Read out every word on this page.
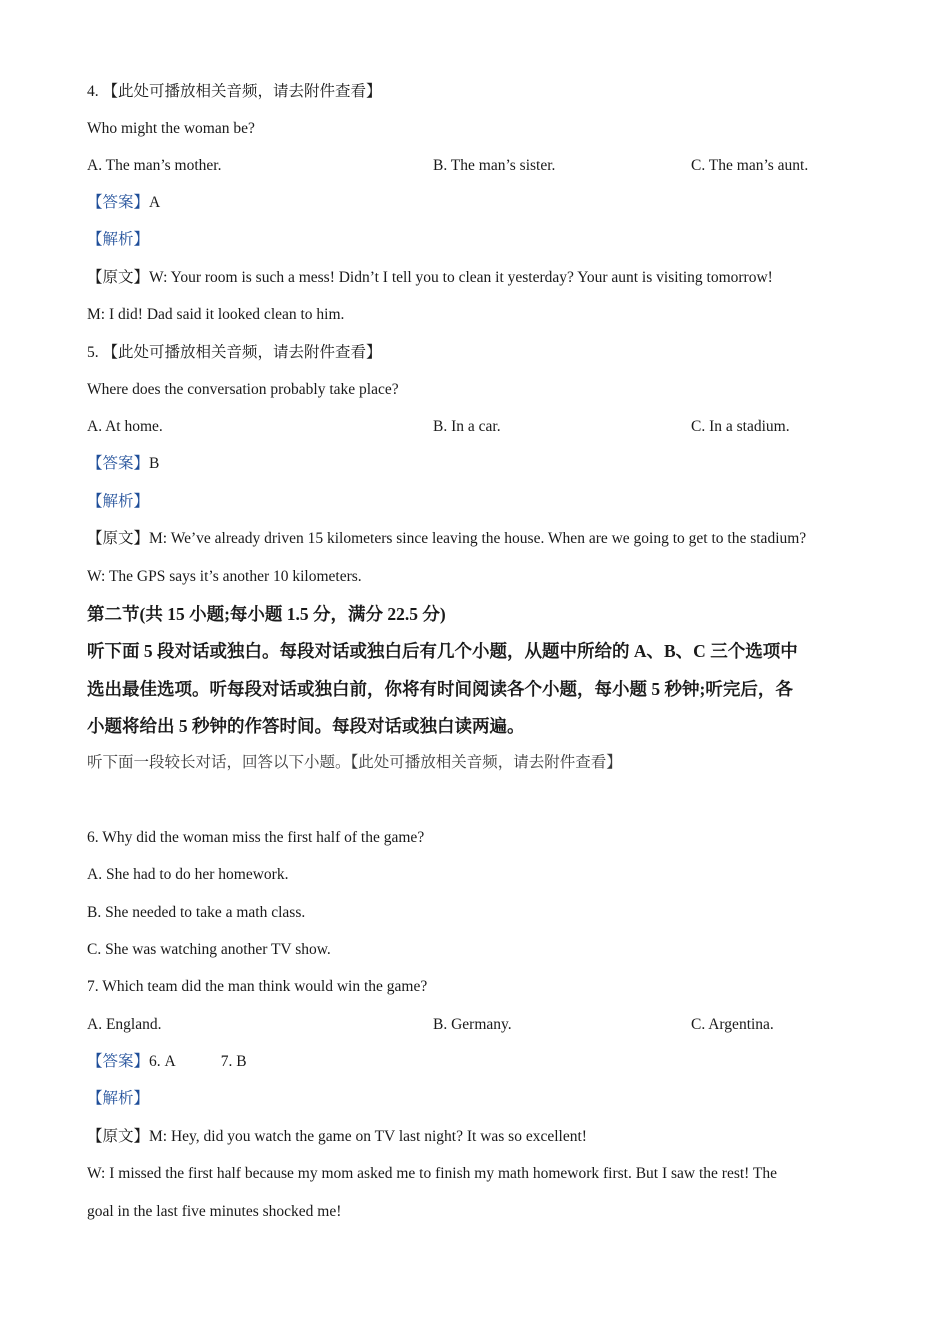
4. 【此处可播放相关音频，请去附件查看】
Who might the woman be?
A. The man’s mother.	B. The man’s sister.	C. The man’s aunt.
【答案】A
【解析】
【原文】W: Your room is such a mess! Didn’t I tell you to clean it yesterday? Your aunt is visiting tomorrow!
M: I did! Dad said it looked clean to him.
5. 【此处可播放相关音频，请去附件查看】
Where does the conversation probably take place?
A. At home.	B. In a car.	C. In a stadium.
【答案】B
【解析】
【原文】M: We’ve already driven 15 kilometers since leaving the house. When are we going to get to the stadium?
W: The GPS says it’s another 10 kilometers.
第二节(共 15 小题;每小题 1.5 分，满分 22.5 分)
听下面 5 段对话或独白。每段对话或独白后有几个小题，从题中所给的 A、B、C 三个选项中
选出最佳选项。听每段对话或独白前，你将有时间阅读各个小题，每小题 5 秒钟;听完后，各
小题将给出 5 秒钟的作答时间。每段对话或独白读两遍。
听下面一段较长对话，回答以下小题。【此处可播放相关音频，请去附件查看】
6. Why did the woman miss the first half of the game?
A. She had to do her homework.
B. She needed to take a math class.
C. She was watching another TV show.
7. Which team did the man think would win the game?
A. England.	B. Germany.	C. Argentina.
【答案】6. A	7. B
【解析】
【原文】M: Hey, did you watch the game on TV last night? It was so excellent!
W: I missed the first half because my mom asked me to finish my math homework first. But I saw the rest! The
goal in the last five minutes shocked me!
